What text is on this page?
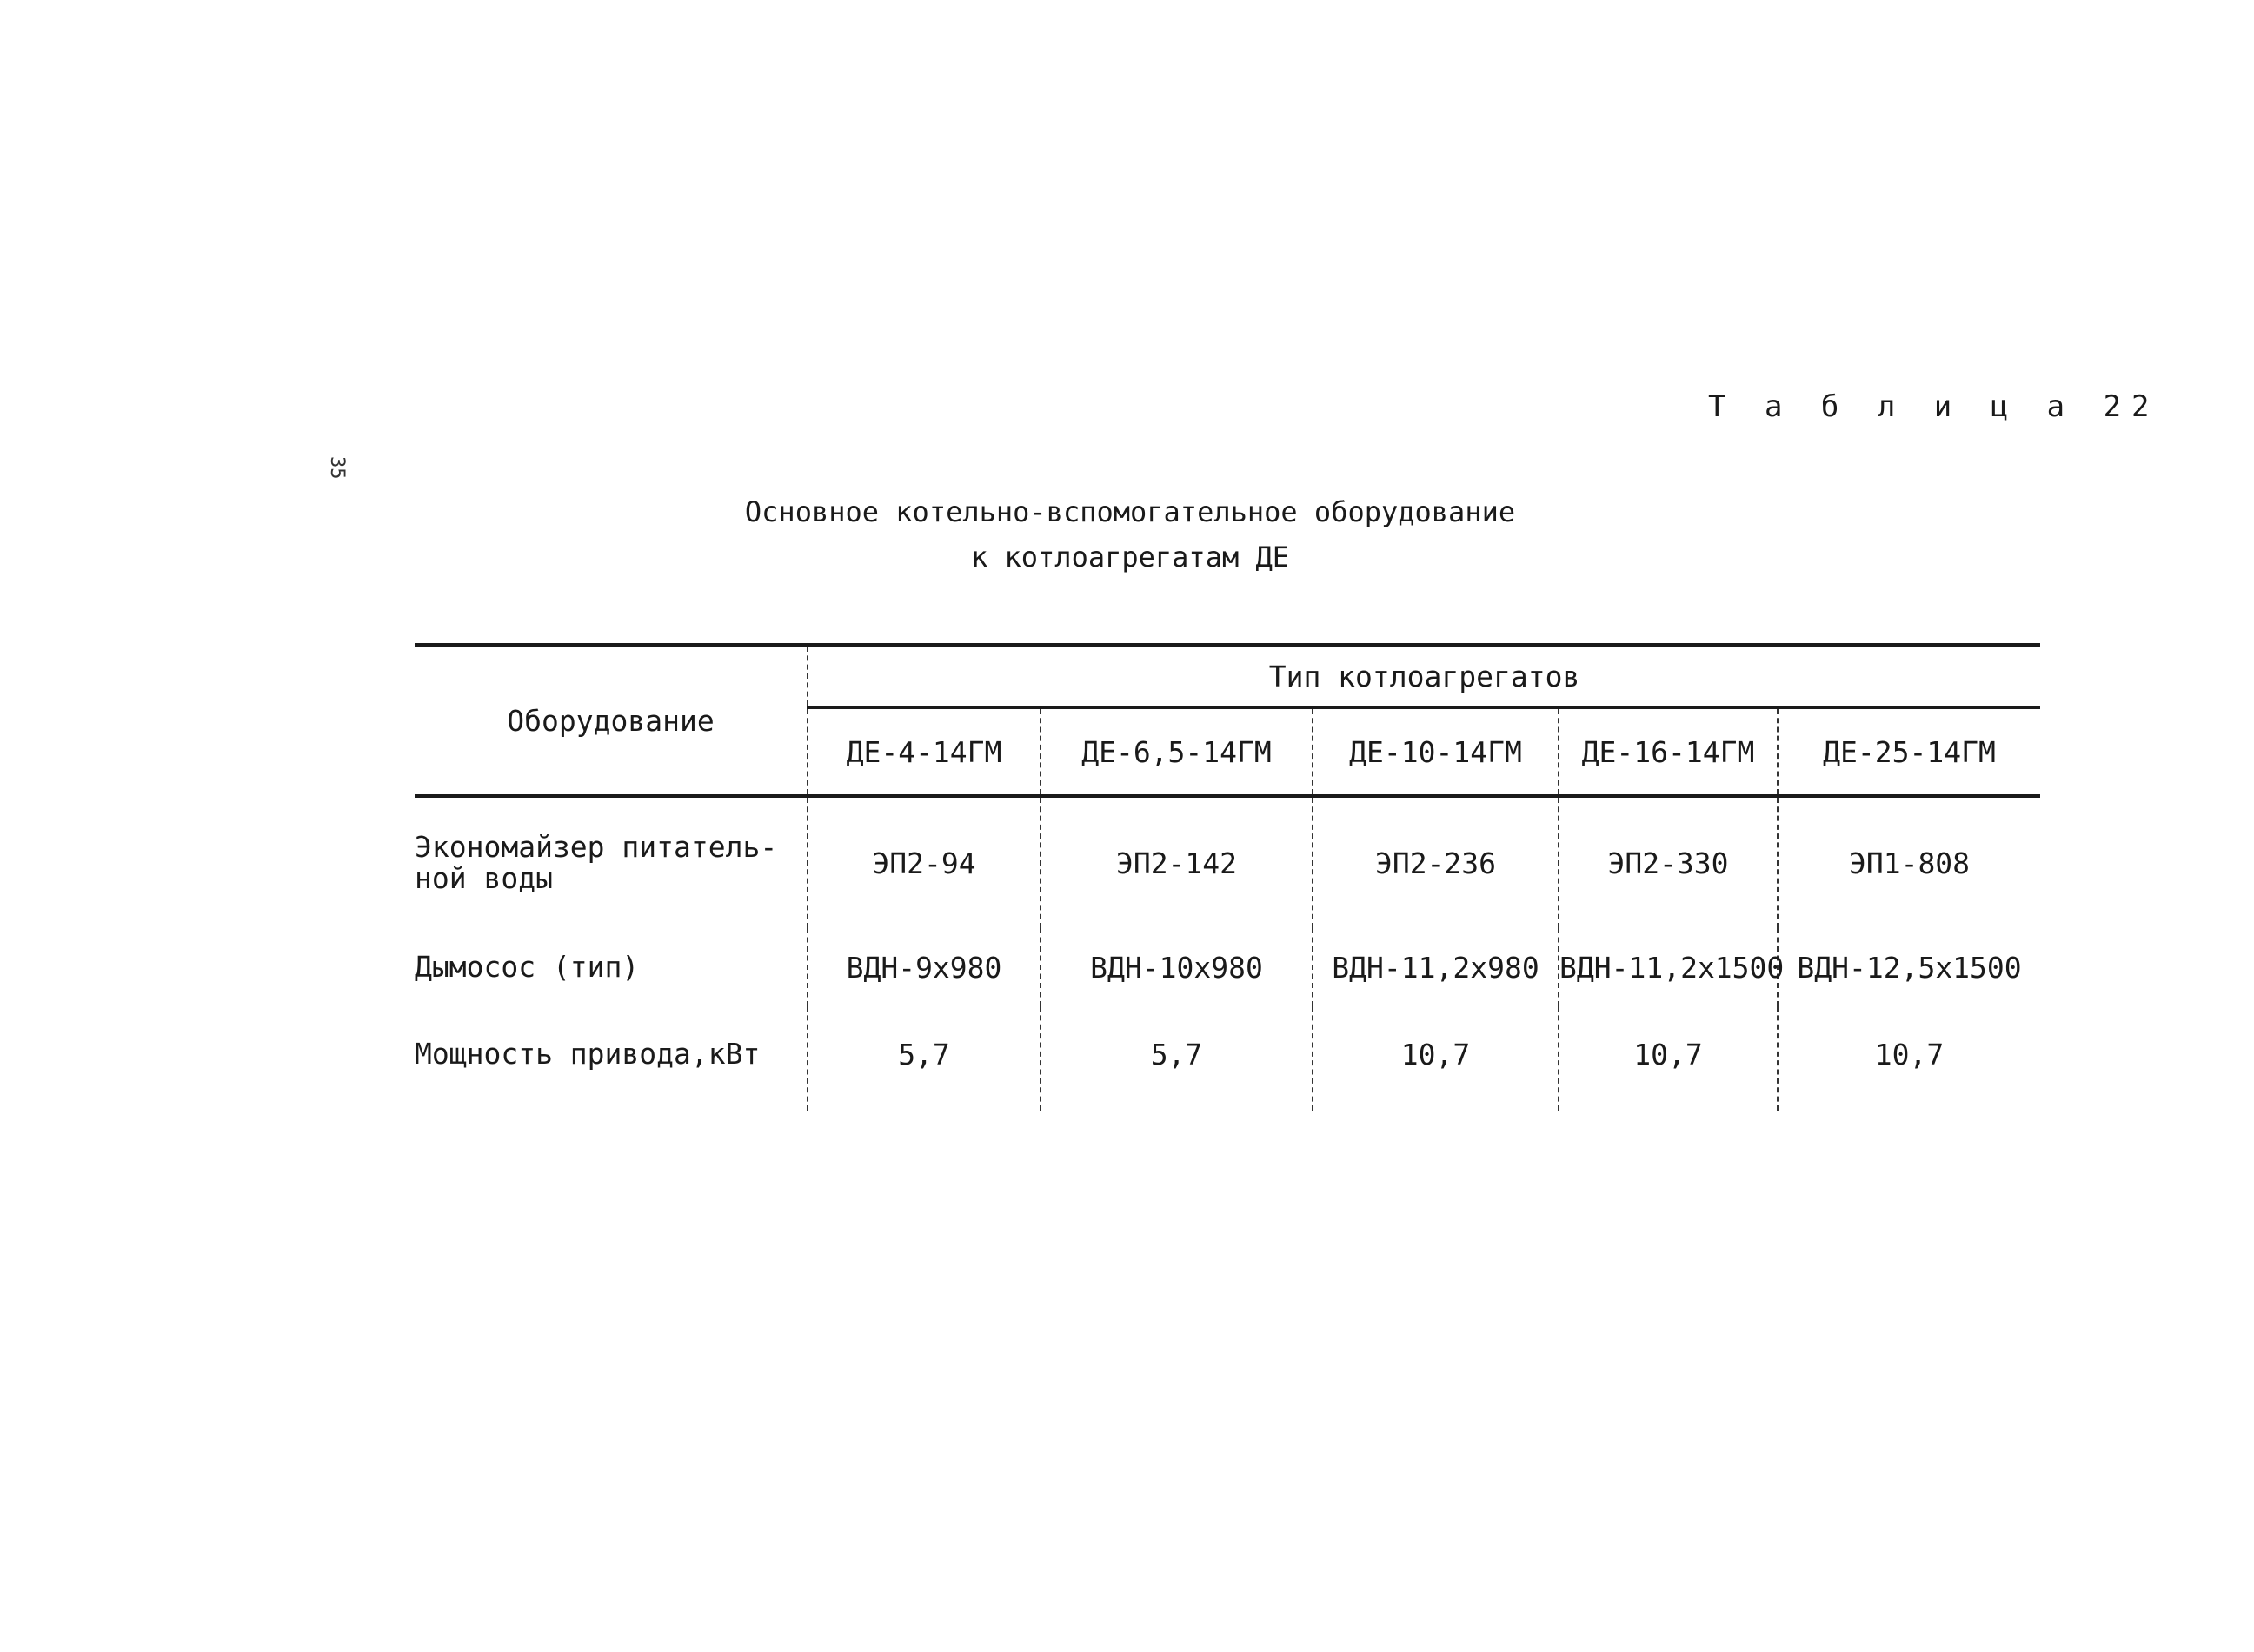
Т а б л и ц а 22
35
Основное котельно-вспомогательное оборудование
к котлоагрегатам ДЕ
Оборудование	Тип котлоагрегатов				
	ДЕ-4-14ГМ	ДЕ-6,5-14ГМ	ДЕ-10-14ГМ	ДЕ-16-14ГМ	ДЕ-25-14ГМ

Экономайзер питатель-
ной воды	ЭП2-94	ЭП2-142	ЭП2-236	ЭП2-330	ЭП1-808
Дымосос (тип)	ВДН-9х980	ВДН-10х980	ВДН-11,2х980	ВДН-11,2х1500	ВДН-12,5х1500
Мощность привода,кВт	5,7	5,7	10,7	10,7	10,7
